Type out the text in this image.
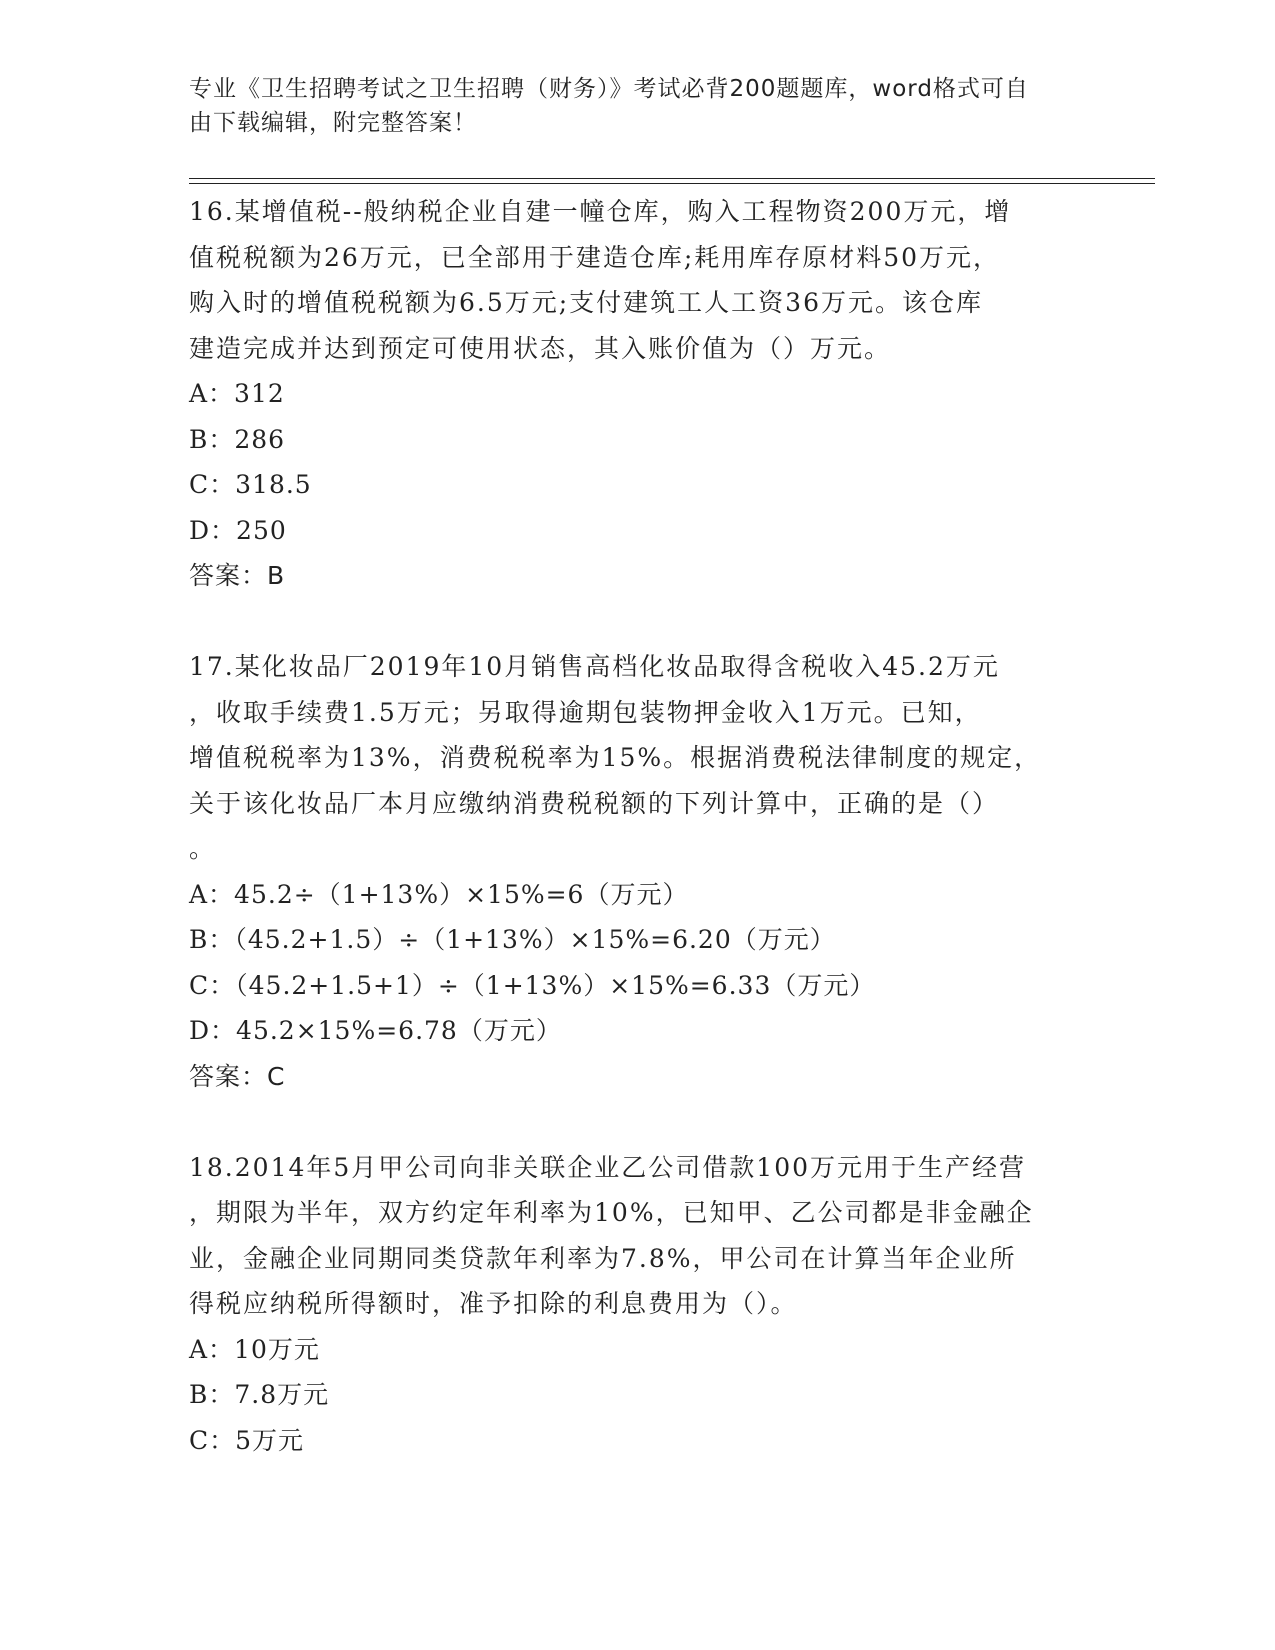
专业《卫生招聘考试之卫生招聘（财务）》考试必背200题题库，word格式可自
由下载编辑，附完整答案！
16.某增值税--般纳税企业自建一幢仓库，购入工程物资200万元，增
值税税额为26万元，已全部用于建造仓库;耗用库存原材料50万元，
购入时的增值税税额为6.5万元;支付建筑工人工资36万元。该仓库
建造完成并达到预定可使用状态，其入账价值为（）万元。
A：312
B：286
C：318.5
D：250
答案：B
17.某化妆品厂2019年10月销售高档化妆品取得含税收入45.2万元
，收取手续费1.5万元；另取得逾期包装物押金收入1万元。已知，
增值税税率为13%，消费税税率为15%。根据消费税法律制度的规定，
关于该化妆品厂本月应缴纳消费税税额的下列计算中，正确的是（）
。
A：45.2÷（1+13%）×15%=6（万元）
B：（45.2+1.5）÷（1+13%）×15%=6.20（万元）
C：（45.2+1.5+1）÷（1+13%）×15%=6.33（万元）
D：45.2×15%=6.78（万元）
答案：C
18.2014年5月甲公司向非关联企业乙公司借款100万元用于生产经营
，期限为半年，双方约定年利率为10%，已知甲、乙公司都是非金融企
业，金融企业同期同类贷款年利率为7.8%，甲公司在计算当年企业所
得税应纳税所得额时，准予扣除的利息费用为（）。
A：10万元
B：7.8万元
C：5万元
